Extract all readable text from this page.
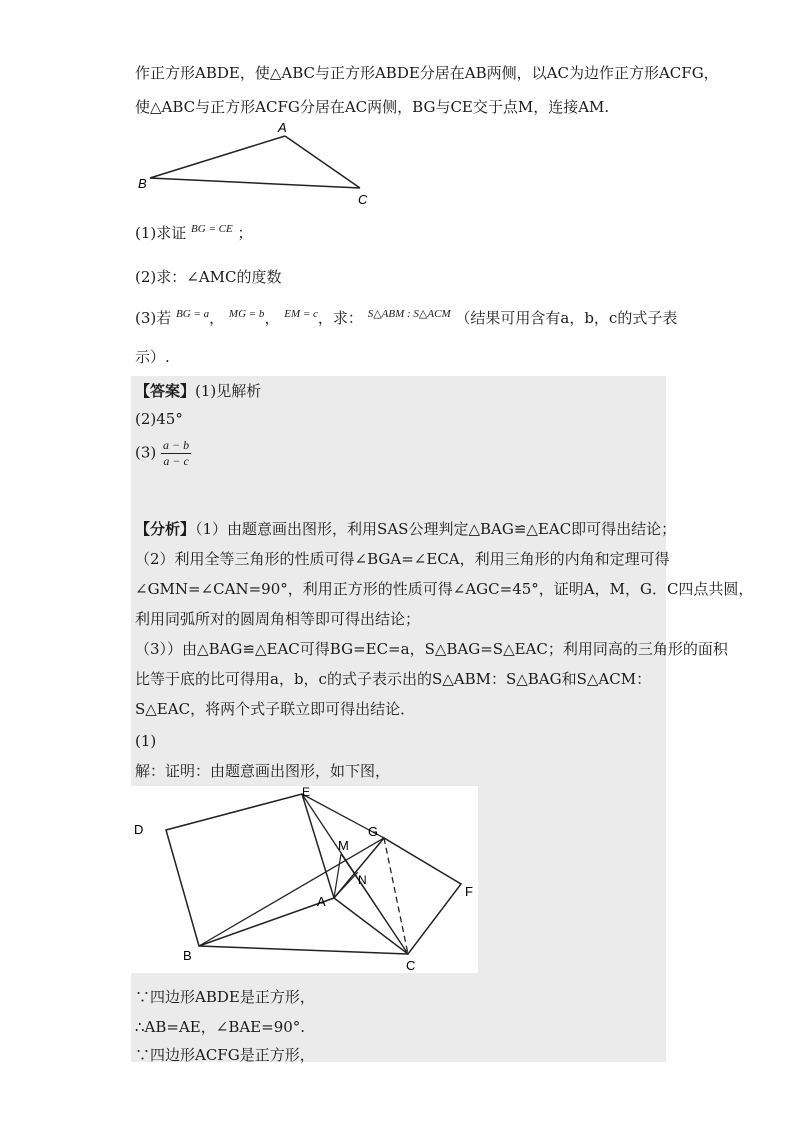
作正方形ABDE，使△ABC与正方形ABDE分居在AB两侧，以AC为边作正方形ACFG，
使△ABC与正方形ACFG分居在AC两侧，BG与CE交于点M，连接AM.
A
B
C
(1)求证 $^{BG = CE}$ ；
(2)求：∠AMC的度数
(3)若 $^{BG = a}$， $^{MG = b}$， $^{EM = c}$，求： $^{S\triangle ABM : S\triangle ACM}$ （结果可用含有a，b，c的式子表
示）.
【答案】(1)见解析
(2)45°
$(3) \frac{a - b}{a - c}$
【分析】（1）由题意画出图形，利用SAS公理判定△BAG≌△EAC即可得出结论；
（2）利用全等三角形的性质可得∠BGA=∠ECA，利用三角形的内角和定理可得
∠GMN=∠CAN=90°，利用正方形的性质可得∠AGC=45°，证明A，M，G．C四点共圆，
利用同弧所对的圆周角相等即可得出结论；
（3））由△BAG≌△EAC可得BG=EC=a，S△BAG=S△EAC；利用同高的三角形的面积
比等于底的比可得用a，b，c的式子表示出的S△ABM：S△BAG和S△ACM：
S△EAC，将两个式子联立即可得出结论．
(1)
解：证明：由题意画出图形，如下图，
D
E
M
G
N
A
F
B
C
∵四边形ABDE是正方形，
∴AB=AE，∠BAE=90°.
∵四边形ACFG是正方形，
